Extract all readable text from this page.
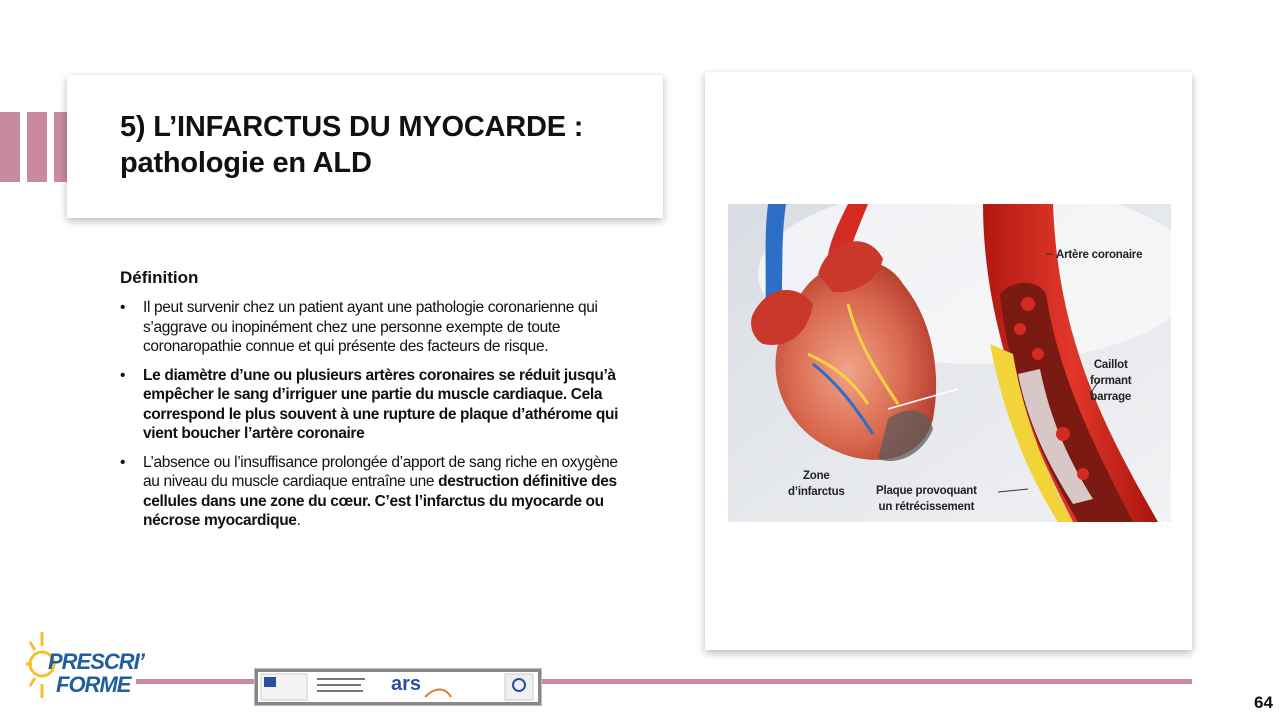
5) L’INFARCTUS DU MYOCARDE :
pathologie en ALD
Définition
• Il peut survenir chez un patient ayant une pathologie coronarienne qui s’aggrave ou inopinément chez une personne exempte de toute coronaropathie connue et qui présente des facteurs de risque.
• Le diamètre d’une ou plusieurs artères coronaires se réduit jusqu’à empêcher le sang d’irriguer une partie du muscle cardiaque. Cela correspond le plus souvent à une rupture de plaque d’athérome qui vient boucher l’artère coronaire
• L’absence ou l’insuffisance prolongée d’apport de sang riche en oxygène au niveau du muscle cardiaque entraîne une destruction définitive des cellules dans une zone du cœur. C’est l’infarctus du myocarde ou nécrose myocardique.
Artère coronaire
Caillot
formant
barrage
Zone
d’infarctus	Plaque provoquant
un rétrécissement
PRESCRI’
FORME	ars
64
